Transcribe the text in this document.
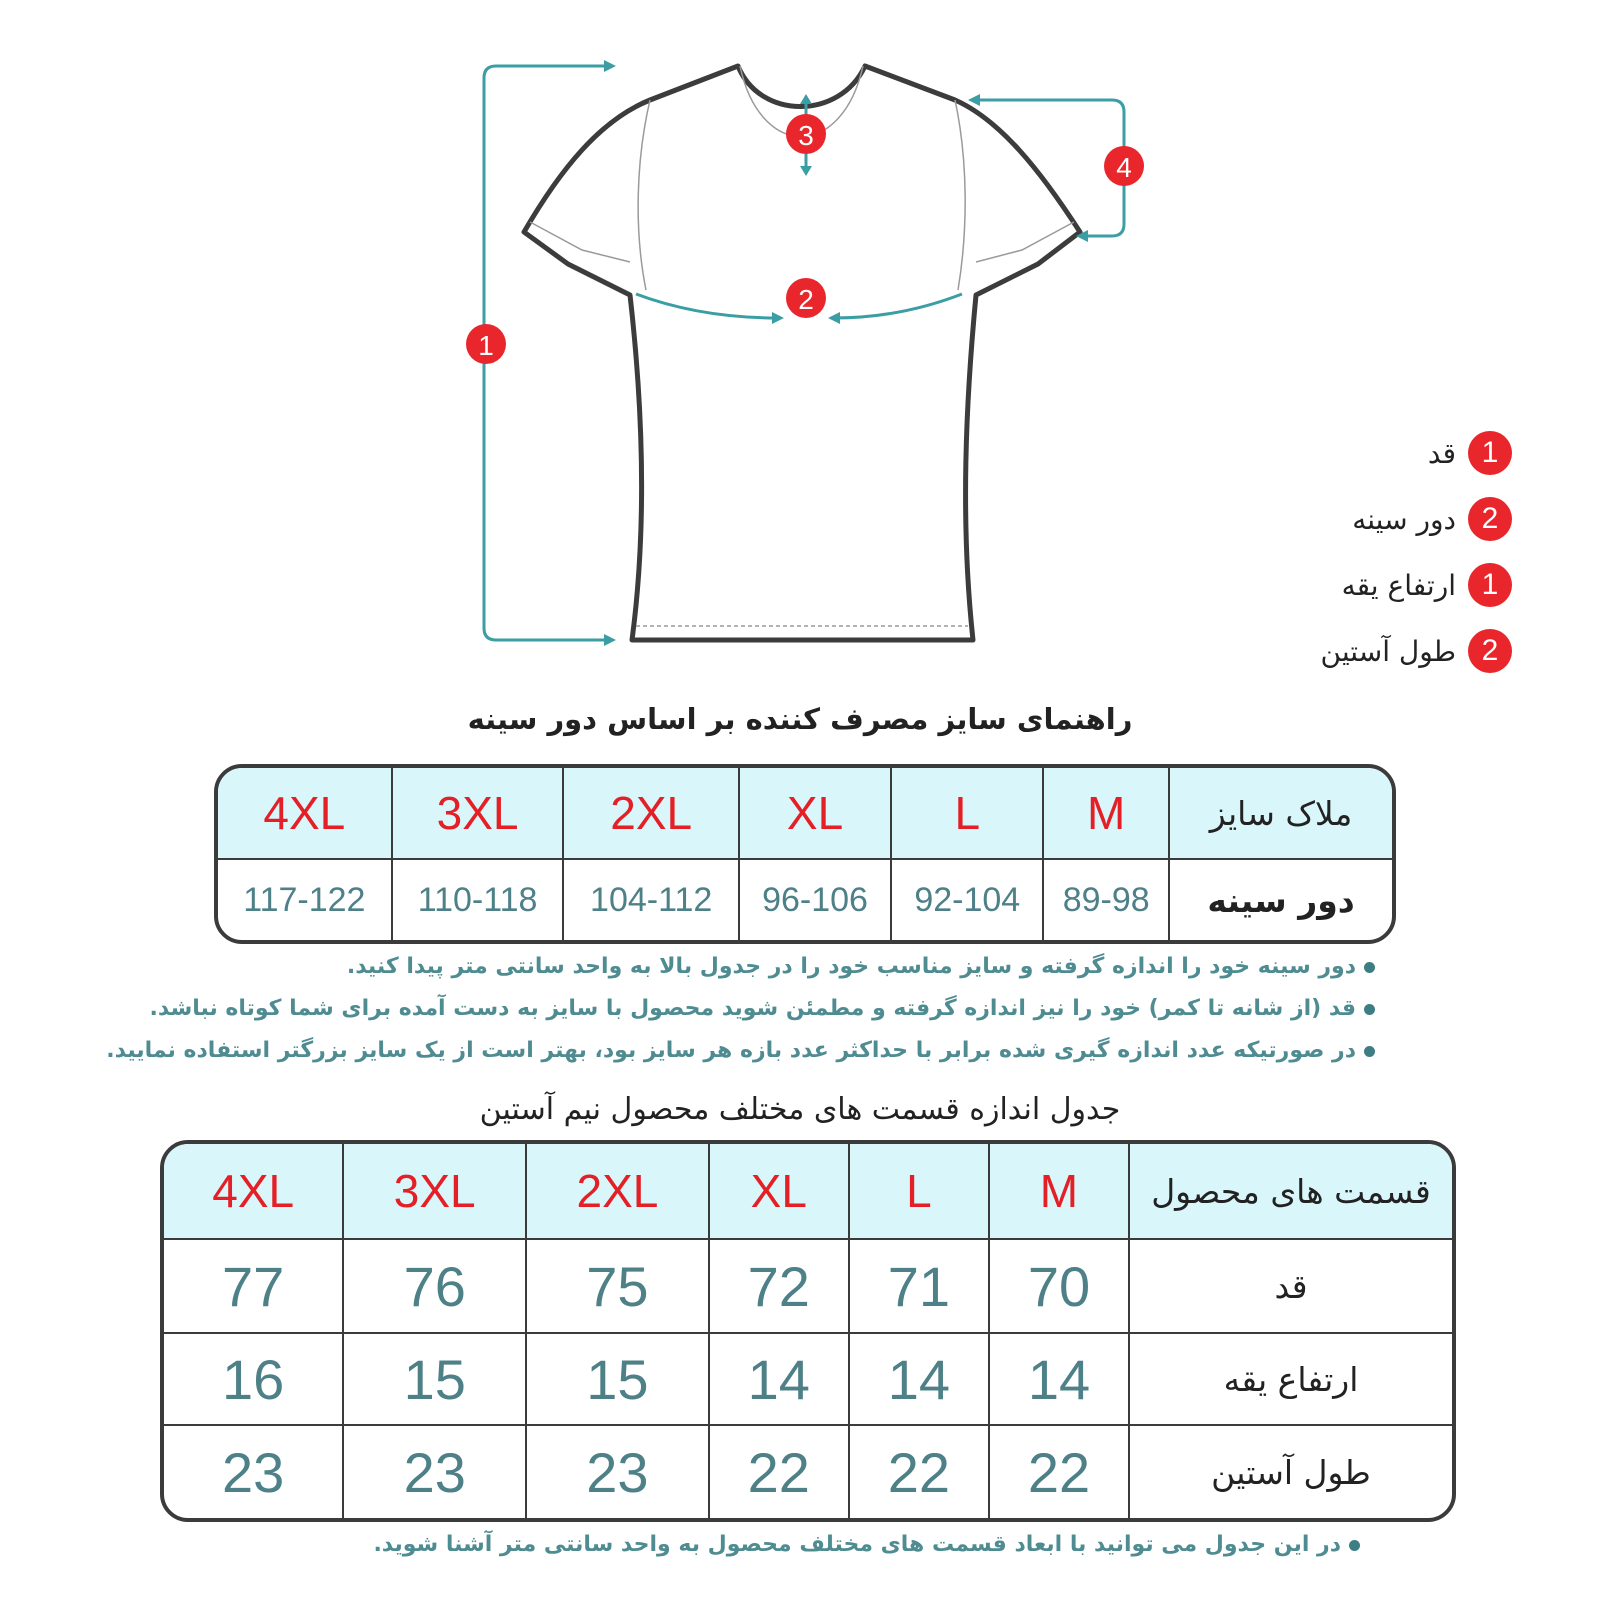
1
2
3
4
1
قد
2
دور سینه
1
ارتفاع یقه
2
طول آستین
راهنمای سایز مصرف کننده بر اساس دور سینه
ملاک سایز	M	L	XL	2XL	3XL	4XL
دور سینه	89-98	92-104	96-106	104-112	110-118	117-122
دور سینه خود را اندازه گرفته و سایز مناسب خود را در جدول بالا به واحد سانتی متر پیدا کنید.
قد (از شانه تا کمر) خود را نیز اندازه گرفته و مطمئن شوید محصول با سایز به دست آمده برای شما کوتاه نباشد.
در صورتیکه عدد اندازه گیری شده برابر با حداکثر عدد بازه هر سایز بود، بهتر است از یک سایز بزرگتر استفاده نمایید.
جدول اندازه قسمت های مختلف محصول نیم آستین
قسمت های محصول	M	L	XL	2XL	3XL	4XL
قد	70	71	72	75	76	77
ارتفاع یقه	14	14	14	15	15	16
طول آستین	22	22	22	23	23	23
در این جدول می توانید با ابعاد قسمت های مختلف محصول به واحد سانتی متر آشنا شوید.
